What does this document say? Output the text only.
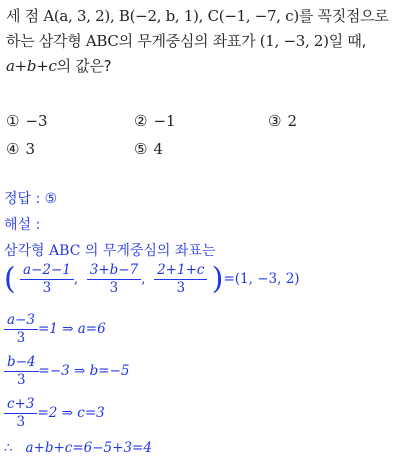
세 점 A(a, 3, 2), B(−2, b, 1), C(−1, −7, c)를 꼭짓점으로 하는 삼각형 ABC의 무게중심의 좌표가 (1, −3, 2)일 때, a+b+c의 값은?
① −3	② −1	③ 2
④ 3	⑤ 4
정답 : ⑤
해설 :
삼각형 ABC 의 무게중심의 좌표는
( $\frac{a-2-1}{3}$ , $\frac{3+b-7}{3}$ , $\frac{2+1+c}{3} )=(1$, −3, 2)
$\frac{a-3}{3} =1$ ⇒ a=6
$\frac{b-4}{3} =-3$ ⇒ b=−5
$\frac{c+3}{3} =2$ ⇒ c=3
∴ a+b+c=6−5+3=4
